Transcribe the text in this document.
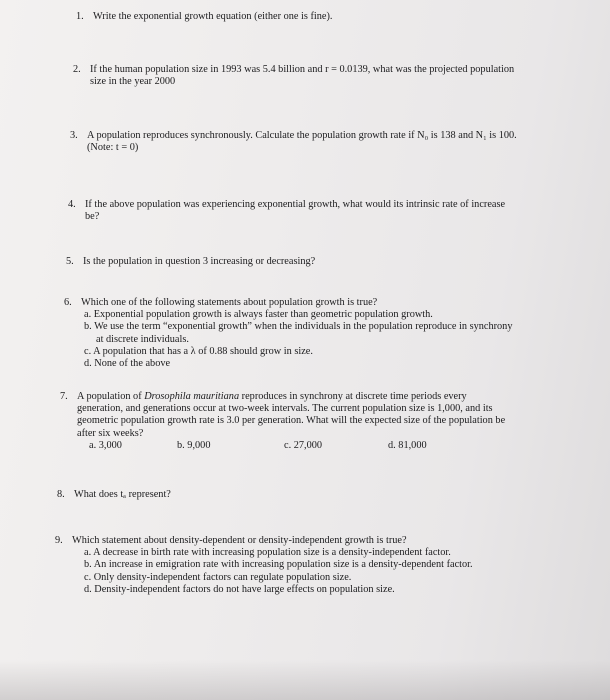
1. Write the exponential growth equation (either one is fine).
2. If the human population size in 1993 was 5.4 billion and r = 0.0139, what was the projected population
size in the year 2000
3. A population reproduces synchronously. Calculate the population growth rate if N₀ is 138 and N₁ is 100.
(Note: t = 0)
4. If the above population was experiencing exponential growth, what would its intrinsic rate of increase
be?
5. Is the population in question 3 increasing or decreasing?
6. Which one of the following statements about population growth is true?
a. Exponential population growth is always faster than geometric population growth.
b. We use the term “exponential growth” when the individuals in the population reproduce in synchrony
at discrete individuals.
c. A population that has a λ of 0.88 should grow in size.
d. None of the above
7. A population of Drosophila mauritiana reproduces in synchrony at discrete time periods every
generation, and generations occur at two-week intervals. The current population size is 1,000, and its
geometric population growth rate is 3.0 per generation. What will the expected size of the population be
after six weeks?
a. 3,000	b. 9,000	c. 27,000	d. 81,000
8. What does tₐ represent?
9. Which statement about density-dependent or density-independent growth is true?
a. A decrease in birth rate with increasing population size is a density-independent factor.
b. An increase in emigration rate with increasing population size is a density-dependent factor.
c. Only density-independent factors can regulate population size.
d. Density-independent factors do not have large effects on population size.
